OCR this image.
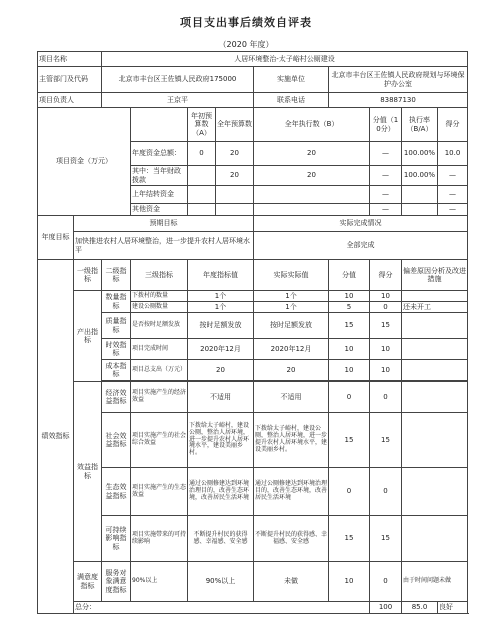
项目支出事后绩效自评表
（2020 年度）
项目名称		人居环境整治-太子峪村公厕建设								
主管部门及代码		北京市丰台区王佐镇人民政府175000				实施单位	北京市丰台区王佐镇人民政府规划与环境保护办公室			
项目负责人		王京平				联系电话	83887130			
项目资金（万元）				年初预算数（A）	全年预算数	全年执行数（B）		分值（10分）	执行率（B/A）	得分
			年度资金总额：	0	20	20		—	100.00%	10.0
			其中：当年财政拨款		20	20		—	100.00%	—
			上年结转资金					—		—
			其他资金					—		—
年度目标	预期目标					实际完成情况				
	加快推进农村人居环境整治，进一步提升农村人居环境水平					全部完成				
绩效指标	一级指标	二级指标	三级指标	年度指标值		实际实际值	分值	得分	偏差原因分析及改进措施	
	产出指标	数量指标	下拨村的数量	1个		1个	10	10		
			建设公厕数量	1个		1个	5	0	还未开工	
		质量指标	是否按时足额发放	按时足额发放		按时足额发放	15	15		
		时效指标	项目完成时间	2020年12月		2020年12月	10	10		
		成本指标	项目总支出（万元）	20		20	10	10		

	效益指标	经济效益指标	项目实施产生的经济效益	不适用		不适用	0	0		
		社会效益指标	项目实施产生的社会综合效益	下拨给太子峪村，建设公厕，整治人居环境，进一步提升农村人居环境水平，建设美丽乡村。		下拨给太子峪村，建设公厕，整治人居环境，进一步提升农村人居环境水平，建设美丽乡村。	15	15		
		生态效益指标	项目实施产生的生态效益	通过公厕修建达到环境治理目的，改善生态环境，改善居民生活环境		通过公厕修建达到环境治理目的，改善生态环境，改善居民生活环境	0	0		
		可持续影响指标	项目实施带来的可持续影响	不断提升村民的获得感、幸福感、安全感		不断提升村民的获得感、幸福感、安全感	15	15		
	满意度指标	服务对象满意度指标	90%以上	90%以上		未做	10	0	由于时间问题未做	
	总分：							100	85.0	良好
